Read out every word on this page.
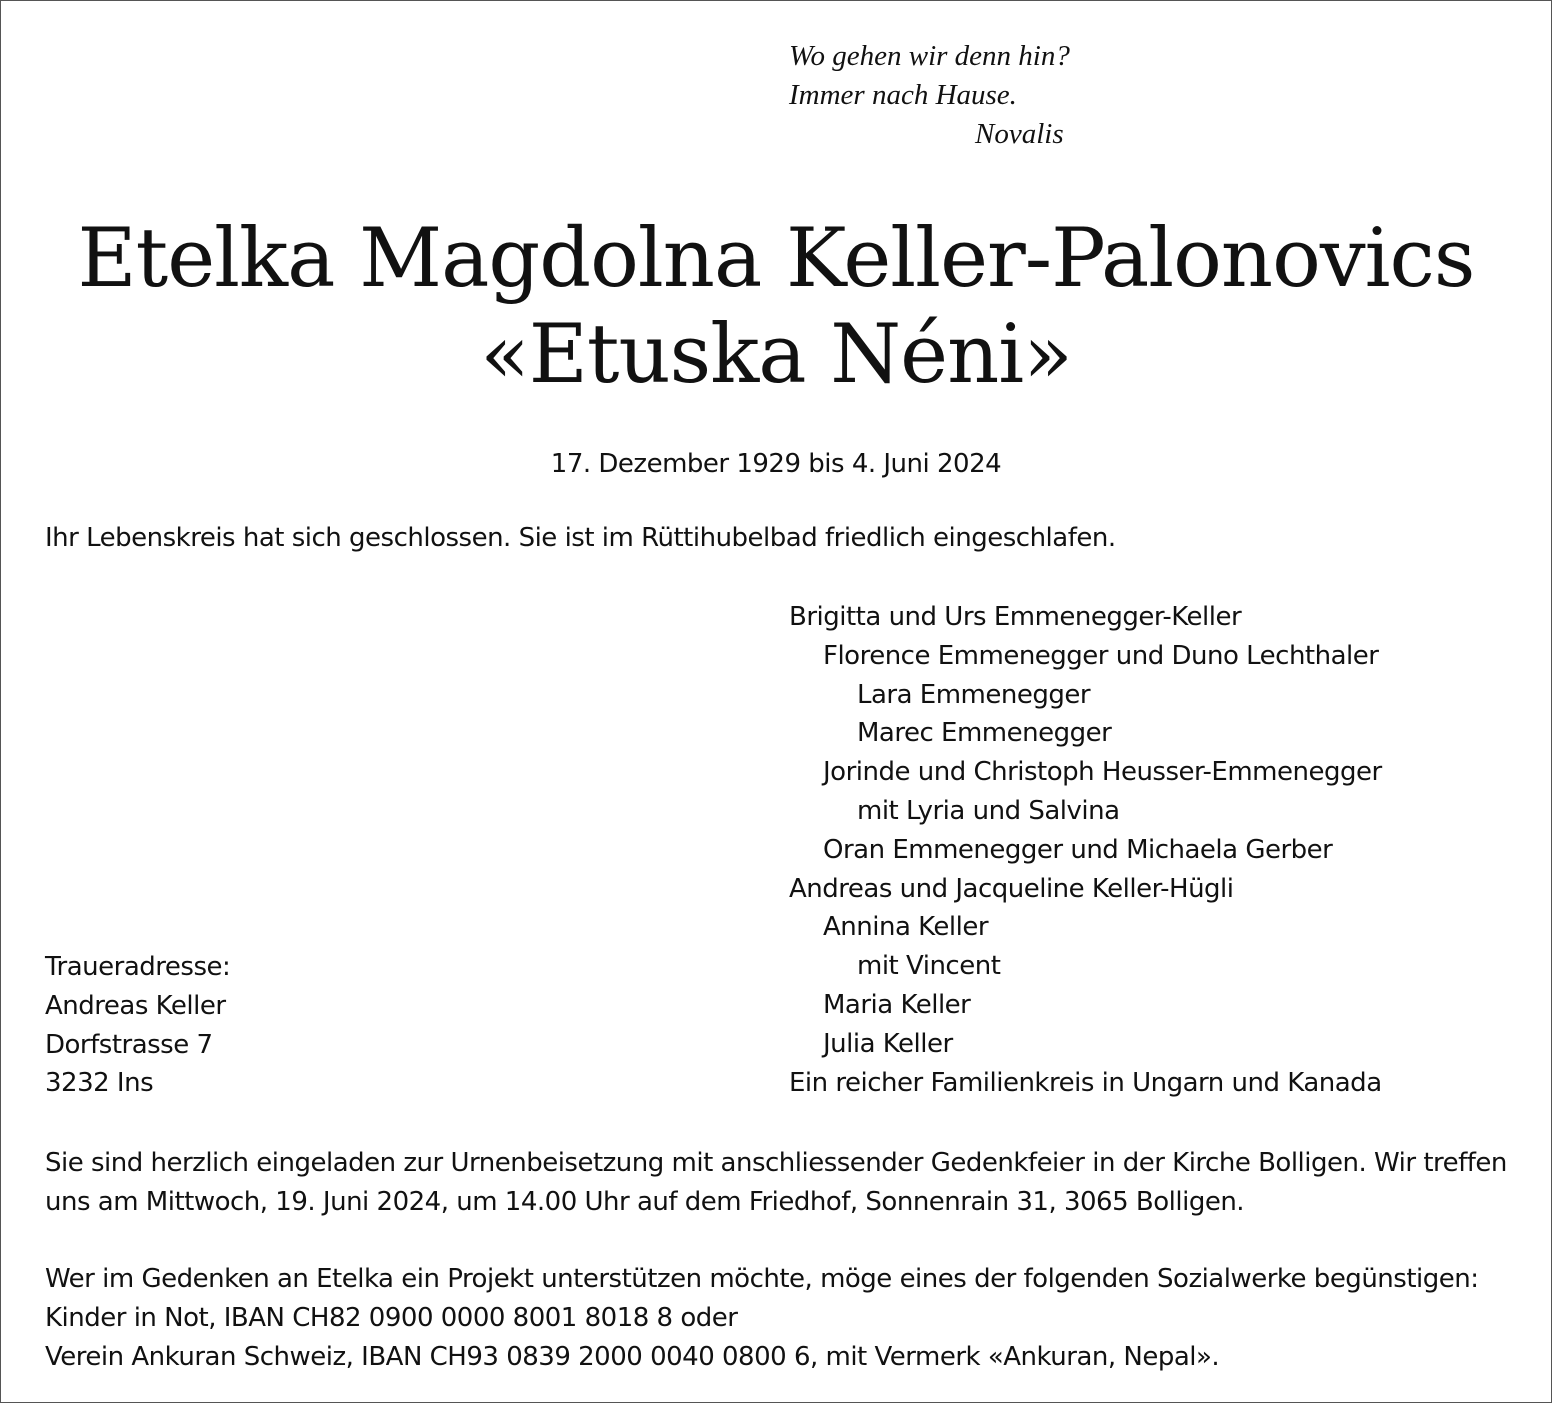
Wo gehen wir denn hin?
Immer nach Hause.
Novalis
Etelka Magdolna Keller-Palonovics
«Etuska Néni»
17. Dezember 1929 bis 4. Juni 2024
Ihr Lebenskreis hat sich geschlossen. Sie ist im Rüttihubelbad friedlich eingeschlafen.
Brigitta und Urs Emmenegger-Keller
Florence Emmenegger und Duno Lechthaler
Lara Emmenegger
Marec Emmenegger
Jorinde und Christoph Heusser-Emmenegger
mit Lyria und Salvina
Oran Emmenegger und Michaela Gerber
Andreas und Jacqueline Keller-Hügli
Annina Keller
mit Vincent
Maria Keller
Julia Keller
Ein reicher Familienkreis in Ungarn und Kanada
Traueradresse:
Andreas Keller
Dorfstrasse 7
3232 Ins
Sie sind herzlich eingeladen zur Urnenbeisetzung mit anschliessender Gedenkfeier in der Kirche Bolligen. Wir treffen
uns am Mittwoch, 19. Juni 2024, um 14.00 Uhr auf dem Friedhof, Sonnenrain 31, 3065 Bolligen.
Wer im Gedenken an Etelka ein Projekt unterstützen möchte, möge eines der folgenden Sozialwerke begünstigen:
Kinder in Not, IBAN CH82 0900 0000 8001 8018 8 oder
Verein Ankuran Schweiz, IBAN CH93 0839 2000 0040 0800 6, mit Vermerk «Ankuran, Nepal».
